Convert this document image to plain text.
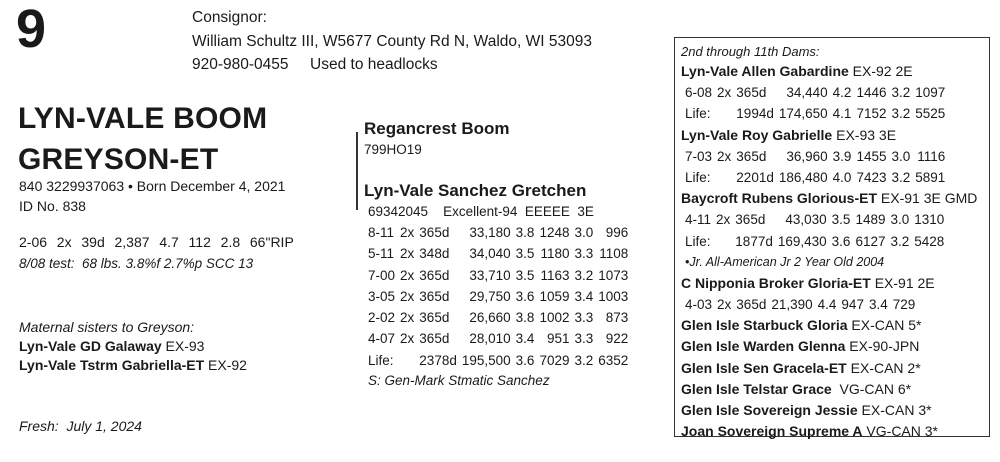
9	Consignor:
William Schultz III, W5677 County Rd N, Waldo, WI 53093
920-980-0455     Used to headlocks
LYN-VALE BOOM
GREYSON-ET
840 3229937063 • Born December 4, 2021
ID No. 838
2-06  2x  39d  2,387  4.7  112  2.8  66"RIP
8/08 test:  68 lbs. 3.8%f 2.7%p SCC 13
Maternal sisters to Greyson:
Lyn-Vale GD Galaway EX-93
Lyn-Vale Tstrm Gabriella-ET EX-92
Fresh:  July 1, 2024
Regancrest Boom
799HO19
Lyn-Vale Sanchez Gretchen
69342045    Excellent-94  EEEEE  3E
8-11	2x	365d	33,180	3.8	1248	3.0	996
5-11	2x	348d	34,040	3.5	1180	3.3	1108
7-00	2x	365d	33,710	3.5	1163	3.2	1073
3-05	2x	365d	29,750	3.6	1059	3.4	1003
2-02	2x	365d	26,660	3.8	1002	3.3	873
4-07	2x	365d	28,010	3.4	951	3.3	922
Life:		2378d	195,500	3.6	7029	3.2	6352
S: Gen-Mark Stmatic Sanchez
2nd through 11th Dams:
Lyn-Vale Allen Gabardine EX-92 2E
6-08	2x	365d	34,440	4.2	1446	3.2	1097
Life:		1994d	174,650	4.1	7152	3.2	5525
Lyn-Vale Roy Gabrielle EX-93 3E
7-03	2x	365d	36,960	3.9	1455	3.0	1116
Life:		2201d	186,480	4.0	7423	3.2	5891
Baycroft Rubens Glorious-ET EX-91 3E GMD
4-11	2x	365d	43,030	3.5	1489	3.0	1310
Life:		1877d	169,430	3.6	6127	3.2	5428
•Jr. All-American Jr 2 Year Old 2004
C Nipponia Broker Gloria-ET EX-91 2E
4-03	2x	365d	21,390	4.4	947	3.4	729
Glen Isle Starbuck Gloria EX-CAN 5*
Glen Isle Warden Glenna EX-90-JPN
Glen Isle Sen Gracela-ET EX-CAN 2*
Glen Isle Telstar Grace  VG-CAN 6*
Glen Isle Sovereign Jessie EX-CAN 3*
Joan Sovereign Supreme A VG-CAN 3*
